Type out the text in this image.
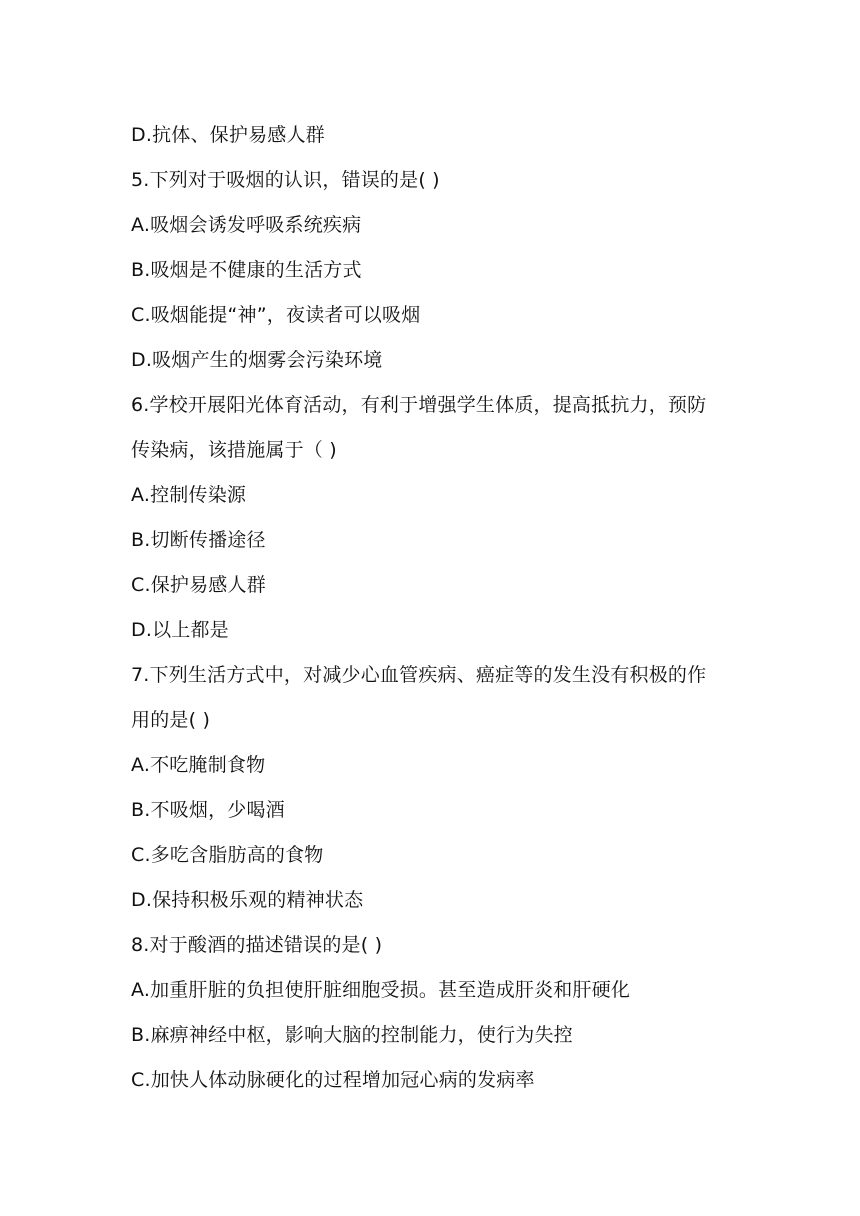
D.抗体、保护易感人群
5.下列对于吸烟的认识，错误的是( )
A.吸烟会诱发呼吸系统疾病
B.吸烟是不健康的生活方式
C.吸烟能提“神”，夜读者可以吸烟
D.吸烟产生的烟雾会污染环境
6.学校开展阳光体育活动，有利于增强学生体质，提高抵抗力，预防
传染病，该措施属于（ )
A.控制传染源
B.切断传播途径
C.保护易感人群
D.以上都是
7.下列生活方式中，对减少心血管疾病、癌症等的发生没有积极的作
用的是( )
A.不吃腌制食物
B.不吸烟，少喝酒
C.多吃含脂肪高的食物
D.保持积极乐观的精神状态
8.对于酸酒的描述错误的是( )
A.加重肝脏的负担使肝脏细胞受损。甚至造成肝炎和肝硬化
B.麻痹神经中枢，影响大脑的控制能力，使行为失控
C.加快人体动脉硬化的过程增加冠心病的发病率
